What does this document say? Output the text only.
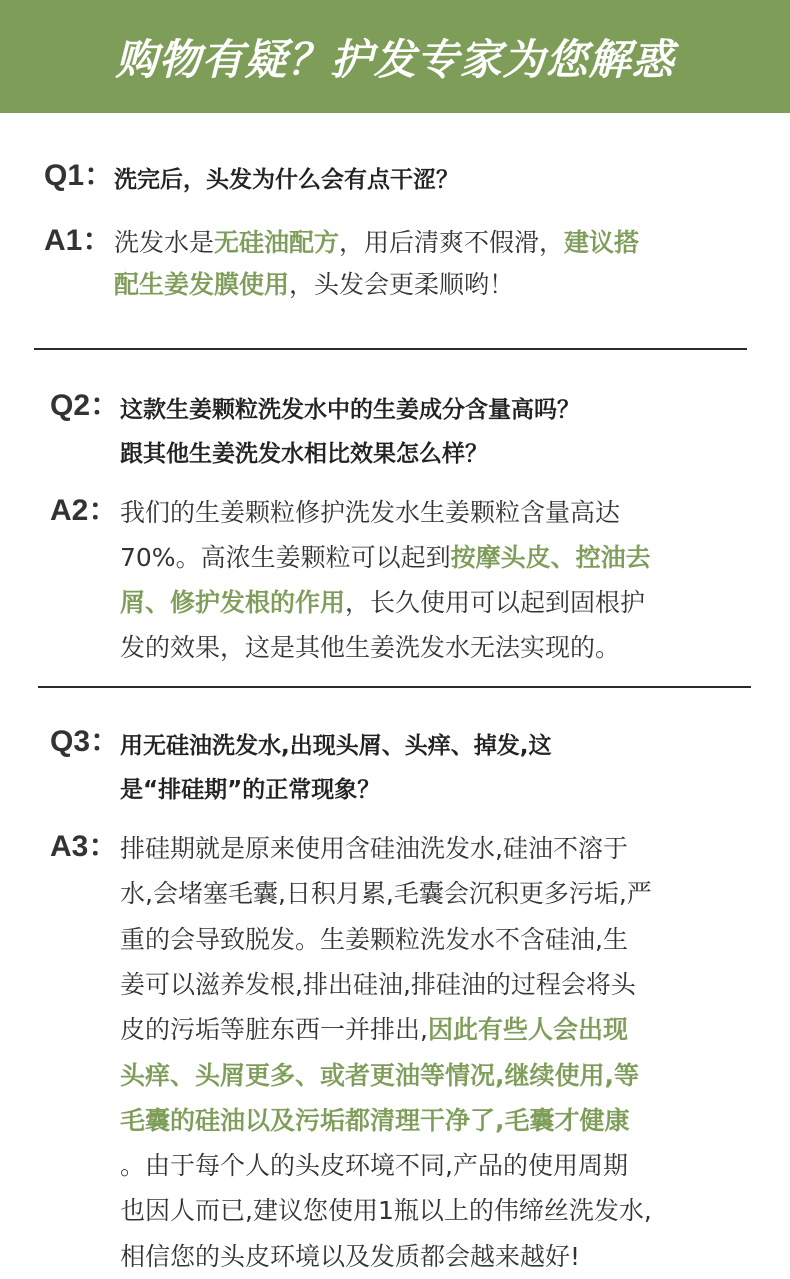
购物有疑？护发专家为您解惑
Q1： 洗完后，头发为什么会有点干涩？
A1： 洗发水是无硅油配方，用后清爽不假滑，建议搭
配生姜发膜使用，头发会更柔顺哟！
Q2： 这款生姜颗粒洗发水中的生姜成分含量高吗？
跟其他生姜洗发水相比效果怎么样？
A2： 我们的生姜颗粒修护洗发水生姜颗粒含量高达
70%。高浓生姜颗粒可以起到按摩头皮、控油去
屑、修护发根的作用，长久使用可以起到固根护
发的效果，这是其他生姜洗发水无法实现的。
Q3： 用无硅油洗发水,出现头屑、头痒、掉发,这
是“排硅期”的正常现象？
A3： 排硅期就是原来使用含硅油洗发水,硅油不溶于
水,会堵塞毛囊,日积月累,毛囊会沉积更多污垢,严
重的会导致脱发。生姜颗粒洗发水不含硅油,生
姜可以滋养发根,排出硅油,排硅油的过程会将头
皮的污垢等脏东西一并排出,因此有些人会出现
头痒、头屑更多、或者更油等情况,继续使用,等
毛囊的硅油以及污垢都清理干净了,毛囊才健康
。由于每个人的头皮环境不同,产品的使用周期
也因人而已,建议您使用1瓶以上的伟缔丝洗发水,
相信您的头皮环境以及发质都会越来越好!
